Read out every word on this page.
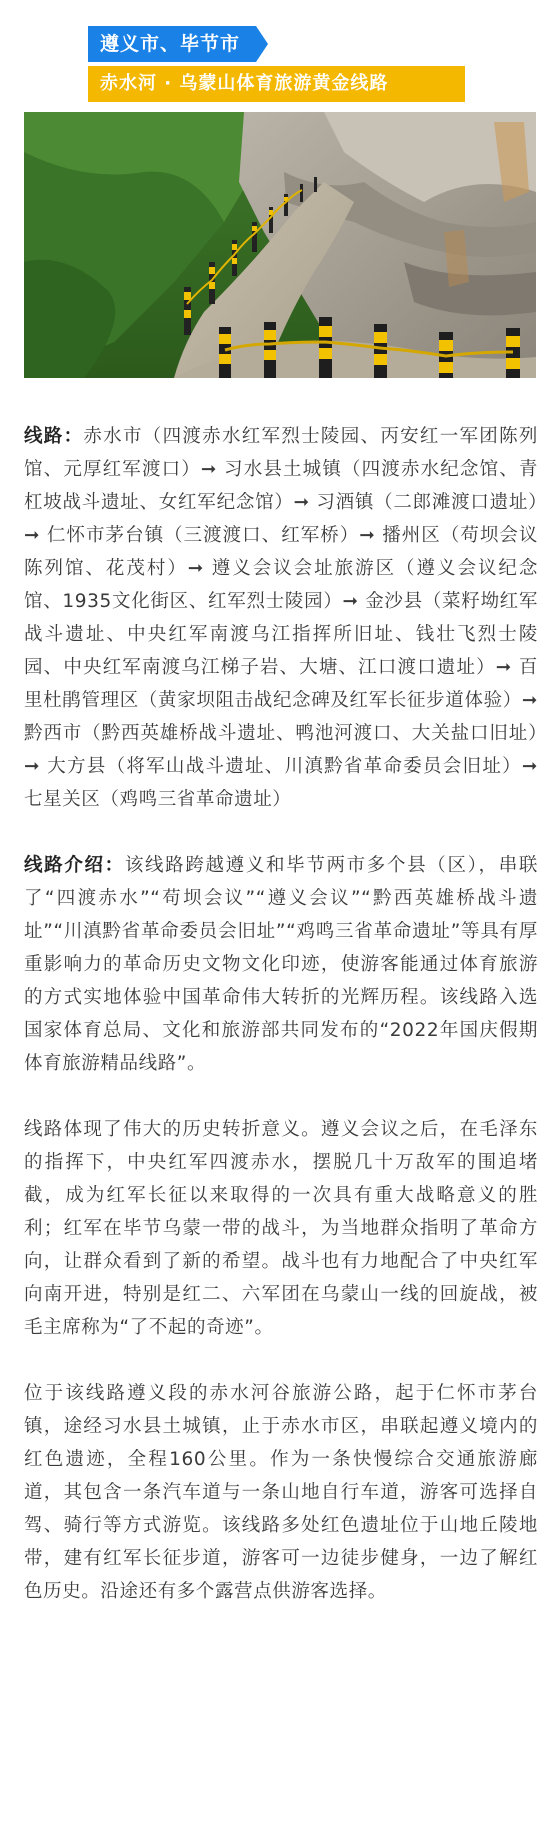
遵义市、毕节市
赤水河 · 乌蒙山体育旅游黄金线路

线路：赤水市（四渡赤水红军烈士陵园、丙安红一军团陈列馆、元厚红军渡口）➞ 习水县土城镇（四渡赤水纪念馆、青杠坡战斗遗址、女红军纪念馆）➞ 习酒镇（二郎滩渡口遗址）➞ 仁怀市茅台镇（三渡渡口、红军桥）➞ 播州区（苟坝会议陈列馆、花茂村）➞ 遵义会议会址旅游区（遵义会议纪念馆、1935文化街区、红军烈士陵园）➞ 金沙县（菜籽坳红军战斗遗址、中央红军南渡乌江指挥所旧址、钱壮飞烈士陵园、中央红军南渡乌江梯子岩、大塘、江口渡口遗址）➞ 百里杜鹃管理区（黄家坝阻击战纪念碑及红军长征步道体验）➞ 黔西市（黔西英雄桥战斗遗址、鸭池河渡口、大关盐口旧址）➞ 大方县（将军山战斗遗址、川滇黔省革命委员会旧址）➞ 七星关区（鸡鸣三省革命遗址）

线路介绍：该线路跨越遵义和毕节两市多个县（区），串联了“四渡赤水”“苟坝会议”“遵义会议”“黔西英雄桥战斗遗址”“川滇黔省革命委员会旧址”“鸡鸣三省革命遗址”等具有厚重影响力的革命历史文物文化印迹，使游客能通过体育旅游的方式实地体验中国革命伟大转折的光辉历程。该线路入选国家体育总局、文化和旅游部共同发布的“2022年国庆假期体育旅游精品线路”。

线路体现了伟大的历史转折意义。遵义会议之后，在毛泽东的指挥下，中央红军四渡赤水，摆脱几十万敌军的围追堵截，成为红军长征以来取得的一次具有重大战略意义的胜利；红军在毕节乌蒙一带的战斗，为当地群众指明了革命方向，让群众看到了新的希望。战斗也有力地配合了中央红军向南开进，特别是红二、六军团在乌蒙山一线的回旋战，被毛主席称为“了不起的奇迹”。

位于该线路遵义段的赤水河谷旅游公路，起于仁怀市茅台镇，途经习水县土城镇，止于赤水市区，串联起遵义境内的红色遗迹，全程160公里。作为一条快慢综合交通旅游廊道，其包含一条汽车道与一条山地自行车道，游客可选择自驾、骑行等方式游览。该线路多处红色遗址位于山地丘陵地带，建有红军长征步道，游客可一边徒步健身，一边了解红色历史。沿途还有多个露营点供游客选择。
